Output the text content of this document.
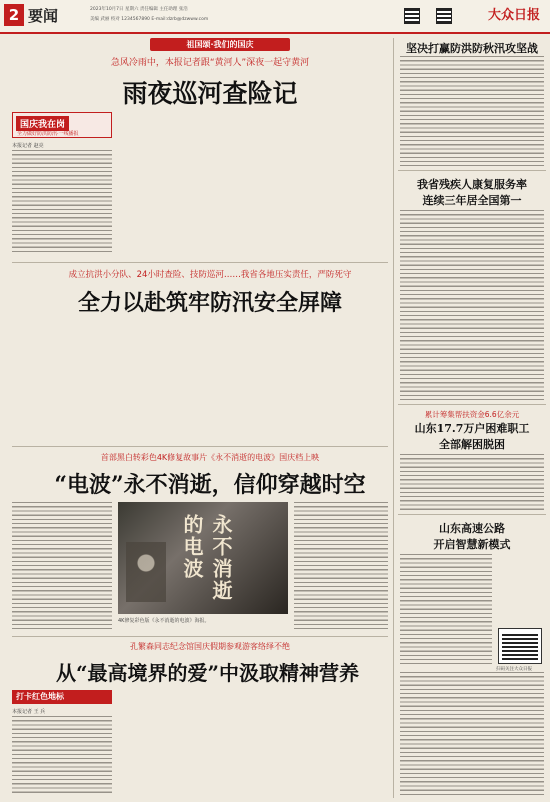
2 要闻	2023年10月7日 星期六 责任编辑 主任助理 张浩
美编 武丽 校对 1234567890 E-mail:dzrb@dzwww.com	大众日报
祖国颂·我们的国庆
急风冷雨中，本报记者跟“黄河人”深夜一起守黄河
雨夜巡河查险记
国庆我在岗
全力做好防洪防汛·一线播报
本报记者 赵亮
成立抗洪小分队、24小时查险、技防巡河……我省各地压实责任，严防死守
全力以赴筑牢防汛安全屏障
首部黑白转彩色4K修复故事片《永不消逝的电波》国庆档上映
“电波”永不消逝，信仰穿越时空
永不消逝的电波
4K修复彩色版《永不消逝的电波》海报。
孔繁森同志纪念馆国庆假期参观游客络绎不绝
从“最高境界的爱”中汲取精神营养
打卡红色地标
本报记者 王 兵
坚决打赢防洪防秋汛攻坚战
我省残疾人康复服务率
连续三年居全国第一
累计筹集帮扶资金6.6亿余元
山东17.7万户困难职工
全部解困脱困
山东高速公路
开启智慧新模式
扫码关注大众日报
